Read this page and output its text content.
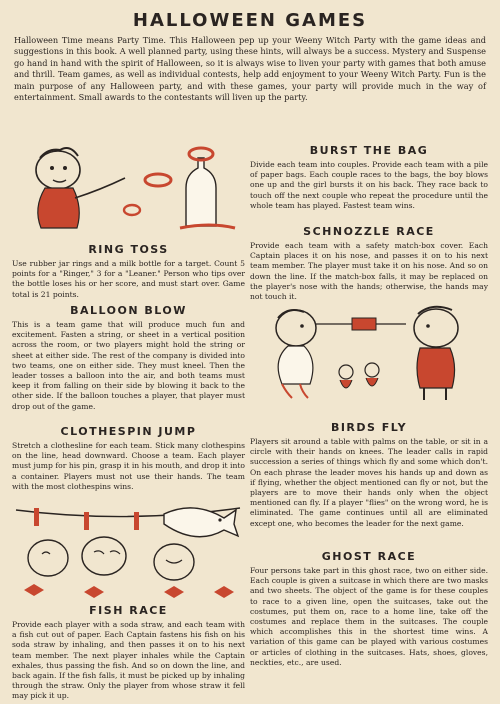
HALLOWEEN GAMES

Halloween Time means Party Time. This Halloween pep up your Weeny Witch Party with the game ideas and suggestions in this book. A well planned party, using these hints, will always be a success. Mystery and Suspense go hand in hand with the spirit of Halloween, so it is always wise to liven your party with games that both amuse and thrill. Team games, as well as individual contests, help add enjoyment to your Weeny Witch Party. Fun is the main purpose of any Halloween party, and with these games, your party will provide much in the way of entertainment. Small awards to the contestants will liven up the party.

RING TOSS

Use rubber jar rings and a milk bottle for a target. Count 5 points for a "Ringer," 3 for a "Leaner." Person who tips over the bottle loses his or her score, and must start over. Game total is 21 points.

BALLOON BLOW

This is a team game that will produce much fun and excitement. Fasten a string, or sheet in a vertical position across the room, or two players might hold the string or sheet at either side. The rest of the company is divided into two teams, one on either side. They must kneel. Then the leader tosses a balloon into the air, and both teams must keep it from falling on their side by blowing it back to the other side. If the balloon touches a player, that player must drop out of the game.

CLOTHESPIN JUMP

Stretch a clothesline for each team. Stick many clothespins on the line, head downward. Choose a team. Each player must jump for his pin, grasp it in his mouth, and drop it into a container. Players must not use their hands. The team with the most clothespins wins.

FISH RACE

Provide each player with a soda straw, and each team with a fish cut out of paper. Each Captain fastens his fish on his soda straw by inhaling, and then passes it on to his next team member. The next player inhales while the Captain exhales, thus passing the fish. And so on down the line, and back again. If the fish falls, it must be picked up by inhaling through the straw. Only the player from whose straw it fell may pick it up.

BURST THE BAG

Divide each team into couples. Provide each team with a pile of paper bags. Each couple races to the bags, the boy blows one up and the girl bursts it on his back. They race back to touch off the next couple who repeat the procedure until the whole team has played. Fastest team wins.

SCHNOZZLE RACE

Provide each team with a safety match-box cover. Each Captain places it on his nose, and passes it on to his next team member. The player must take it on his nose. And so on down the line. If the match-box falls, it may be replaced on the player's nose with the hands; otherwise, the hands may not touch it.

BIRDS FLY

Players sit around a table with palms on the table, or sit in a circle with their hands on knees. The leader calls in rapid succession a series of things which fly and some which don't. On each phrase the leader moves his hands up and down as if flying, whether the object mentioned can fly or not, but the players are to move their hands only when the object mentioned can fly. If a player "flies" on the wrong word, he is eliminated. The game continues until all are eliminated except one, who becomes the leader for the next game.

GHOST RACE

Four persons take part in this ghost race, two on either side. Each couple is given a suitcase in which there are two masks and two sheets. The object of the game is for these couples to race to a given line, open the suitcases, take out the costumes, put them on, race to a home line, take off the costumes and replace them in the suitcases. The couple which accomplishes this in the shortest time wins. A variation of this game can be played with various costumes or articles of clothing in the suitcases. Hats, shoes, gloves, neckties, etc., are used.
